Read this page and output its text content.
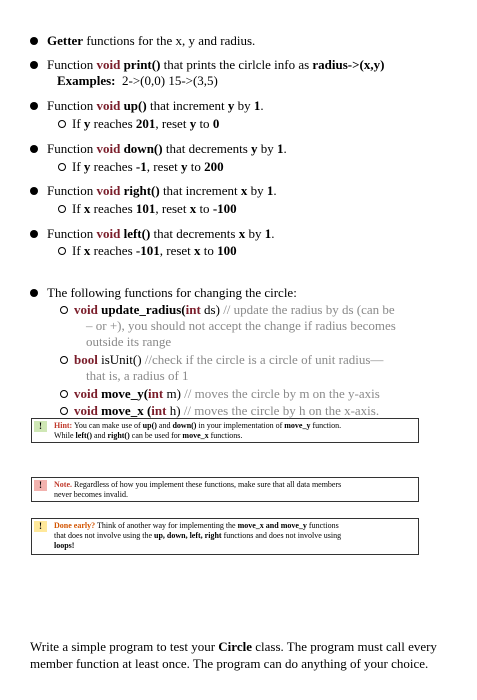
Getter functions for the x, y and radius.
Function void print() that prints the cirlcle info as radius->(x,y)
Examples: 2->(0,0) 15->(3,5)
Function void up() that increment y by 1.
If y reaches 201, reset y to 0
Function void down() that decrements y by 1.
If y reaches -1, reset y to 200
Function void right() that increment x by 1.
If x reaches 101, reset x to -100
Function void left() that decrements x by 1.
If x reaches -101, reset x to 100
The following functions for changing the circle:
void update_radius(int ds) // update the radius by ds (can be
– or +), you should not accept the change if radius becomes
outside its range
bool isUnit() //check if the circle is a circle of unit radius—
that is, a radius of 1
void move_y(int m) // moves the circle by m on the y-axis
void move_x (int h) // moves the circle by h on the x-axis.
!	Hint: You can make use of up() and down() in your implementation of move_y function.
While left() and right() can be used for move_x functions.
!	Note. Regardless of how you implement these functions, make sure that all data members
never becomes invalid.
!	Done early? Think of another way for implementing the move_x and move_y functions
that does not involve using the up, down, left, right functions and does not involve using
loops!
Write a simple program to test your Circle class. The program must call every member function at least once. The program can do anything of your choice.
